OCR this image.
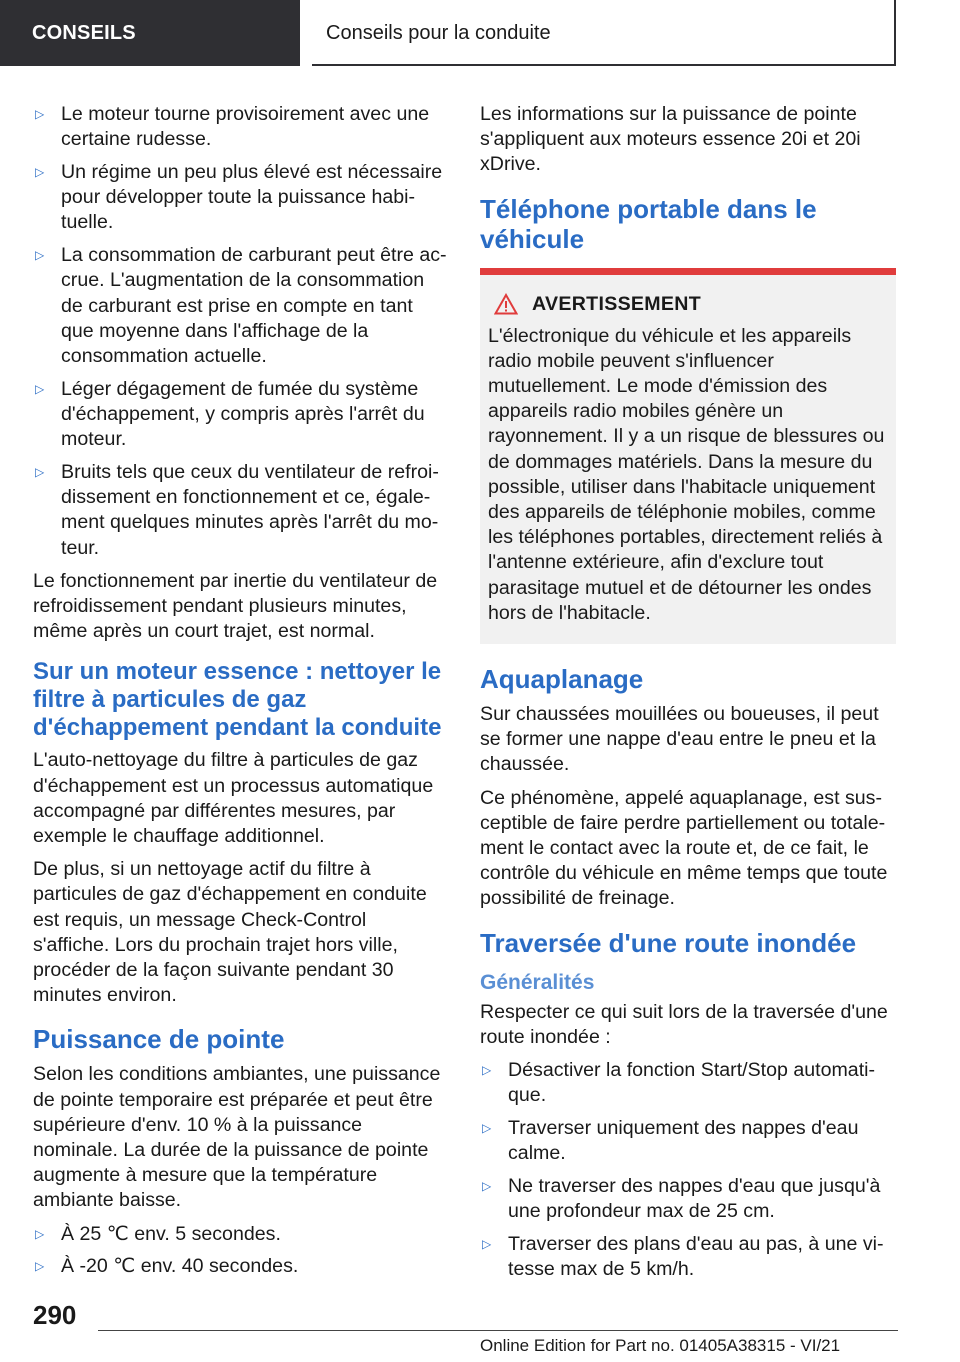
CONSEILS	Conseils pour la conduite
▷ Le moteur tourne provisoirement avec une certaine rudesse.
▷ Un régime un peu plus élevé est nécessaire pour développer toute la puissance habituelle.
▷ La consommation de carburant peut être accrue. L'augmentation de la consommation de carburant est prise en compte en tant que moyenne dans l'affichage de la consommation actuelle.
▷ Léger dégagement de fumée du système d'échappement, y compris après l'arrêt du moteur.
▷ Bruits tels que ceux du ventilateur de refroidissement en fonctionnement et ce, également quelques minutes après l'arrêt du moteur.

Le fonctionnement par inertie du ventilateur de refroidissement pendant plusieurs minutes, même après un court trajet, est normal.

Sur un moteur essence : nettoyer le filtre à particules de gaz d'échappement pendant la conduite

L'auto-nettoyage du filtre à particules de gaz d'échappement est un processus automatique accompagné par différentes mesures, par exemple le chauffage additionnel.

De plus, si un nettoyage actif du filtre à particules de gaz d'échappement en conduite est requis, un message Check-Control s'affiche. Lors du prochain trajet hors ville, procéder de la façon suivante pendant 30 minutes environ.

Puissance de pointe

Selon les conditions ambiantes, une puissance de pointe temporaire est préparée et peut être supérieure d'env. 10 % à la puissance nominale. La durée de la puissance de pointe augmente à mesure que la température ambiante baisse.

▷ À 25 ℃ env. 5 secondes.
▷ À -20 ℃ env. 40 secondes.

Les informations sur la puissance de pointe s'appliquent aux moteurs essence 20i et 20i xDrive.

Téléphone portable dans le véhicule
AVERTISSEMENT

L'électronique du véhicule et les appareils radio mobile peuvent s'influencer mutuellement. Le mode d'émission des appareils radio mobiles génère un rayonnement. Il y a un risque de blessures ou de dommages matériels. Dans la mesure du possible, utiliser dans l'habitacle uniquement des appareils de téléphonie mobiles, comme les téléphones portables, directement reliés à l'antenne extérieure, afin d'exclure tout parasitage mutuel et de détourner les ondes hors de l'habitacle.

Aquaplanage

Sur chaussées mouillées ou boueuses, il peut se former une nappe d'eau entre le pneu et la chaussée.

Ce phénomène, appelé aquaplanage, est susceptible de faire perdre partiellement ou totalement le contact avec la route et, de ce fait, le contrôle du véhicule en même temps que toute possibilité de freinage.

Traversée d'une route inondée
Généralités

Respecter ce qui suit lors de la traversée d'une route inondée :

▷ Désactiver la fonction Start/Stop automatique.
▷ Traverser uniquement des nappes d'eau calme.
▷ Ne traverser des nappes d'eau que jusqu'à une profondeur max de 25 cm.
▷ Traverser des plans d'eau au pas, à une vitesse max de 5 km/h.
290
Online Edition for Part no. 01405A38315 - VI/21
